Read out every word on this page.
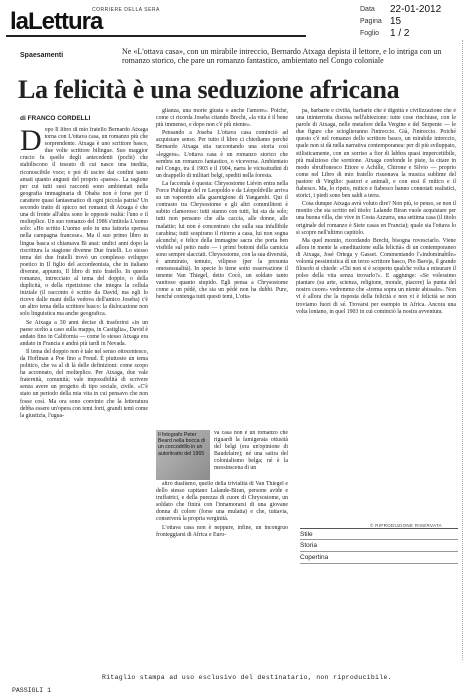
laLettura
CORRIERE DELLA SERA	Data	22-01-2012
Pagina 15
Foglio	1 / 2
Spaesamenti	Ne «L'ottava casa», con un mirabile intreccio, Bernardo Atxaga depista il lettore, e lo intriga con un romanzo storico, che pare un romanzo fantastico, ambientato nel Congo coloniale
La felicità è una seduzione africana
di FRANCO CORDELLI

Dopo Il libro di mio fratello Bernardo Atxaga torna con L'ottava casa, un romanzo più che sorprendente. Atxaga è uno scrittore basco, due volte scrittore bilingue. Suo maggior crucio fu quello degli antecedenti (pochi) che stabiliscono il tessuto di cui nasce una inedita, riconoscibile voce; e poi di uscire dai confini tanto amati quanto angusti del proprio «paese». La ragione per cui tutti suoi racconti sono ambientati nella geografia immaginaria di Obaba non è forse per il carattere quasi fantasmatico di ogni piccola patria? Un secondo tratto di spicco nei romanzi di Atxaga è che una di fronte all'altra sono le opposte realtà: l'uno e il molteplice. Un suo romanzo del 1986 s'intitola L'uomo solo: «Ho scritto L'uomo solo in una fattoria sperssa nella campagna francese». Ma il suo primo libro in lingua basca si chiamava Bi anai: undici anni dopo la riscrittura la stagione divenne Due fratelli. Lo stesso tema dei due fratelli trovò un complesso sviluppo poetico in Il figlio del accordeonista, che in italiano divenne, appunto, Il libro di mio fratello. In questo romanzo, intrecciato al tema del doppio, o della duplicità, o della ripetizione che integra la cellula iniziale (il racconto è scritto da David, ma egli lo riceve dalle mani della vedova dell'amico Joseba) c'è un altro tema della scrittore basco: la dislocazione non solo linguistica ma anche geografica.

Se Atxaga a 30 anni decise di trasferirsi «in un paese scelto a caso sulla mappa, in Castiglia», David è andato fino in California — come lo stesso Atxaga era andato in Francia e andrà più tardi in Nevada.

Il tema del doppio non è tale nel senso ottocentesco, da Hoffman a Poe fino a Freud. È piuttosto un tema politico, che va al di là delle definizioni: come scopo ha accennato, del molteplice. Per Atxaga, due vale fraternità, comunità; vale impossibilità di scrivere senza avere un progetto di tipo sociale, civile. «C'è stato un periodo della mia vita in cui pensavo che non fosse così. Ma ora sono convinto che la letteratura debba essere un'opera con temi forti, grandi temi come la giustizia, l'ugua-

glianza, una morte giusta o anche l'amore». Poiché, come ci ricorda Joseba citando Brecht, «la vita è il bene più immenso, e dopo non c'è più niente».

Pensando a Joseba L'ottava casa cominciò ad acquistare senso. Per tutto il libro ci chiediamo perché Bernardo Atxaga stia raccontando una storia così «leggera». L'ottava casa è un romanzo storico che sembra un romanzo fantastico, o viceversa. Ambientato nel Congo, tra il 1903 e il 1904, narra le vicissitudini di un drappello di militari belgi, spediti nella foresta.

La faccenda è questa: Chrysostome Liévin entra nella Force Publique del re Leopoldo e da Léopoldville arriva su un vaporetto alla guarnigione di Yangambi. Qui il contrasto tra Chrysostome e gli altri commilitoni è subito clamoroso: tutti stanno con tutti, lui sta da solo; tutti non pensano che alla caccia, alle donne, alle malattie; lui non è concentrato che sulla sua infallibile carabina; tutti sospirano il ritorno a casa, lui non sogna alcunché, e felice della immagine sacra che porta ben visibile sul petto nudo — i primi bottoni della camicia sono sempre slacciati. Chrysostome, con la sua diversità, è ammirato, temuto, vilipeso (per la presunta omosessualità). In specie lo tiene sotto osservazione il tenente Van Thiegel, detto Cocò, un soldato tanto vanitoso quanto stupido. Egli pensa a Chrysostome come a un pédé, che sia un pédé non ha dubbi. Pure, benché contenga tutti questi temi, L'otta-

Il fotografo Peter Beard nella bocca di un coccodrillo in un autoritratto del 1965
va casa non è un romanzo che riguardi la famigerata ottusità del belgi (era un'opinione di Baudelaire); né una satira del colonialismo belga; né è la messinscena di un

altro dualismo, quello della trivialità di Van Thiegel e dello stesso capitano Lalande-Biran, persone avide e truffatrici, e della purezza di cuore di Chrysostome, un soldato che finirà con l'innamorarsi di una giovane donna di colore (forse una mulatta) e che, tuttavia, conserverà la propria verginità.

L'ottava casa non è neppure, infine, un incongruo fronteggiarsi di Africa e Euro-

pa, barbarie e civiltà, barbarie che è dignità e civilizzazione che è una ininterrotta discesa nell'abiezione: tutte cose rinchiuse, con le parole di Atxaga, nelle metafore della Vergine e del Serpente — le due figure che scioglieranno l'intreccio. Già, l'intreccio. Poiché questo c'è nel romanzo dello scrittore basco, un mirabile intreccio, quale non si dà nella narrativa contemporanea: per di più sviluppato, stilisticamente, con un sorriso a fior di labbra quasi impercettibile, più malizioso che sornione. Atxaga confonde le piste, fa citare in modo sbruffonesco Ettore e Achille, Chirone e Silvio — proprio come nel Libro di mio fratello risuonava la musica sublime del pastore di Virgilio: pastori e animali, e con essi il mitico e il fiabesco. Ma, lo ripeto, mitico e fiabesco hanno connotati realistici, storici, i piedi sono ben saldi a terra.

Cosa dunque Atxaga avrà voluto dire? Non più, io penso, se non il monito che sta scritto nel titolo: Lalande Biran vuole acquistare per una buona villa, che vive in Costa Azzurra, una settima casa (il titolo originale del romanzo è Siete casas en Francia); quale sia l'ottava lo si scopre nell'ultimo capitolo.

Ma quel monito, ricordando Brecht, bisogna rovesciarlo. Viene allora in mente la «meditazione sulla felicità» di un contemporaneo di Atxaga, José Ortega y Gasset. Commentando l'«indominabile» volontà pessimistica di un terzo scrittore basco, Pio Baroja, il grande filosofo si chiede: «Chi non si è scoperto qualche volta a misurare il polso della vita senza trovarlo?». E aggiunge: «Se volessimo piantare (su arte, scienza, religione, morale, piacere) la punta del nostro cuore» vedremmo che «trema sopra un niente abissale». Non vi è allora che la risposta della felicità e non vi è felicità se non troviamo fuori di sé. Trovarsi per esempio in Africa. Ancora una volta lontano, in quel 1903 in cui cominciò la nostra avventura.

© RIPRODUZIONE RISERVATA
Stile
Storia
Copertina
Ritaglio stampa ad uso esclusivo del destinatario, non riproducibile.
PASSIGLI 1
